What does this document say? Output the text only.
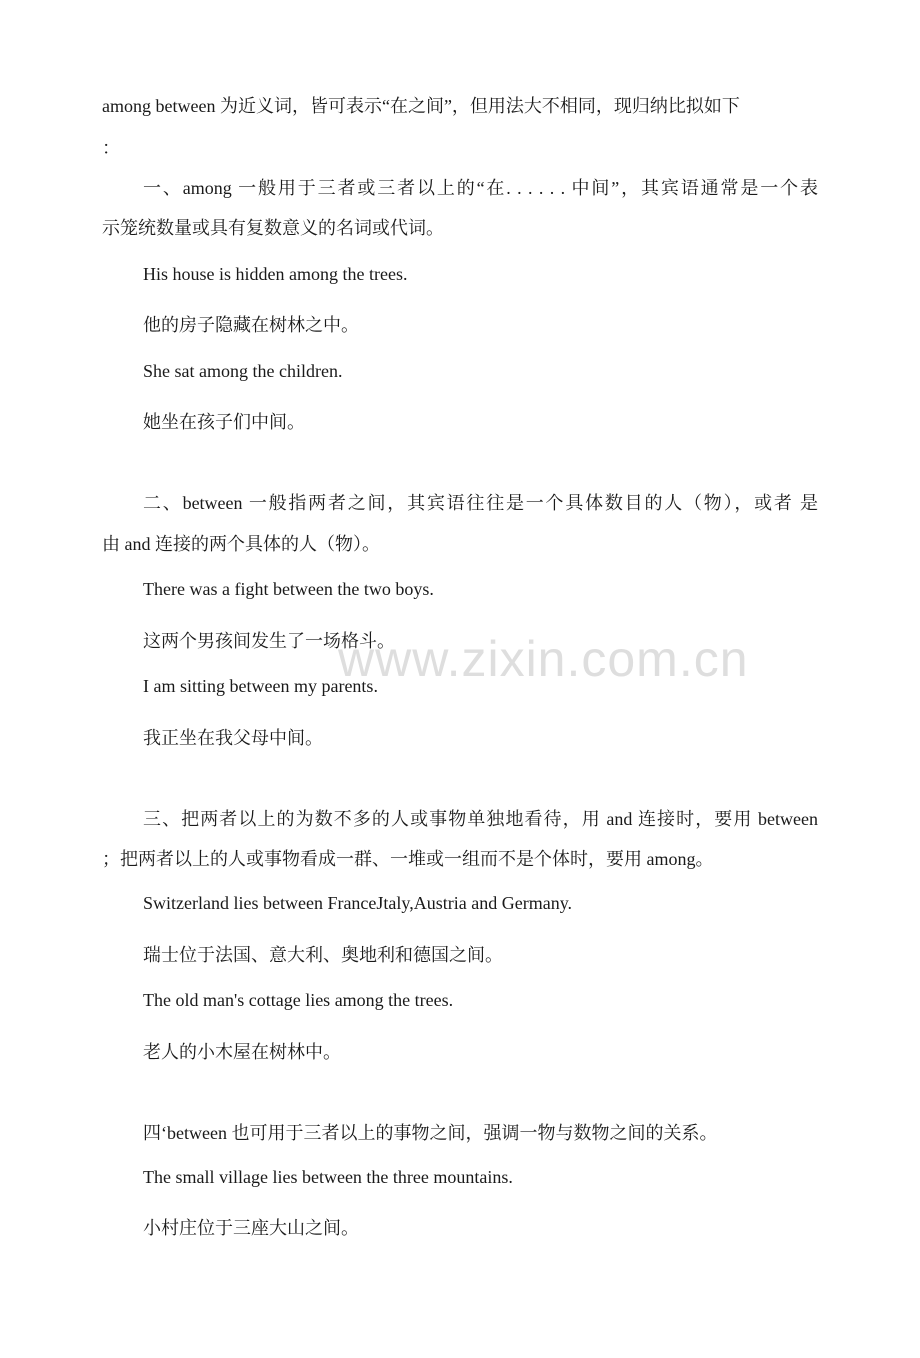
www.zixin.com.cn
among between 为近义词，皆可表示“在之间”，但用法大不相同，现归纳比拟如下
：
一、among 一般用于三者或三者以上的“在. . . . . . 中间”，其宾语通常是一个表
示笼统数量或具有复数意义的名词或代词。
His house is hidden among the trees.
他的房子隐藏在树林之中。
She sat among the children.
她坐在孩子们中间。
二、between 一般指两者之间，其宾语往往是一个具体数目的人（物），或者 是
由 and 连接的两个具体的人（物）。
There was a fight between the two boys.
这两个男孩间发生了一场格斗。
I am sitting between my parents.
我正坐在我父母中间。
三、把两者以上的为数不多的人或事物单独地看待，用 and 连接时，要用 between
；把两者以上的人或事物看成一群、一堆或一组而不是个体时，要用 among。
Switzerland lies between FranceJtaly,Austria and Germany.
瑞士位于法国、意大利、奥地利和德国之间。
The old man's cottage lies among the trees.
老人的小木屋在树林中。
四‘between 也可用于三者以上的事物之间，强调一物与数物之间的关系。
The small village lies between the three mountains.
小村庄位于三座大山之间。
